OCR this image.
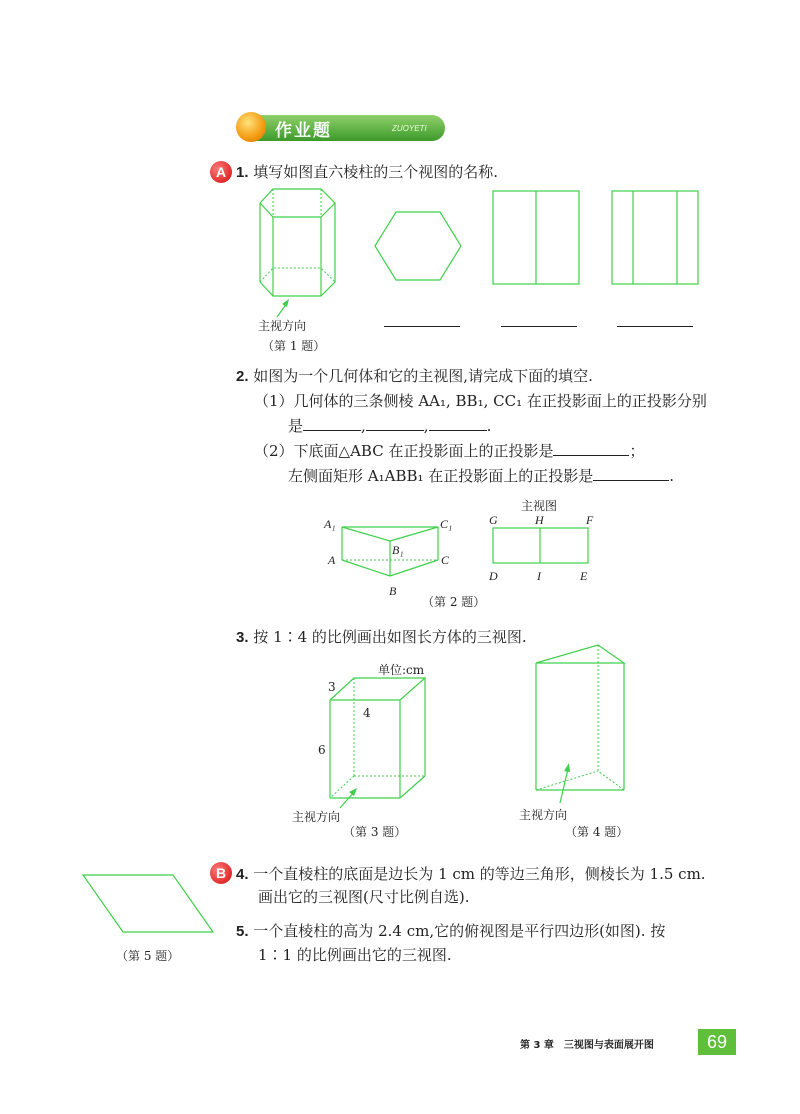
作业题	ZUOYETI
A 1. 填写如图直六棱柱的三个视图的名称.
主视方向
（第 1 题）
2. 如图为一个几何体和它的主视图,请完成下面的填空.
（1）几何体的三条侧棱 AA₁, BB₁, CC₁ 在正投影面上的正投影分别
是	,	,	.
（2）下底面△ABC 在正投影面上的正投影是	；
左侧面矩形 A₁ABB₁ 在正投影面上的正投影是	.
A₁	C₁
B₁
A	C
B
主视图
G	H	F
D	I	E
（第 2 题）
3. 按 1∶4 的比例画出如图长方体的三视图.
单位:cm
3
4
6
主视方向
（第 3 题）
主视方向
（第 4 题）
B 4. 一个直棱柱的底面是边长为 1 cm 的等边三角形，侧棱长为 1.5 cm.
画出它的三视图(尺寸比例自选).
5. 一个直棱柱的高为 2.4 cm,它的俯视图是平行四边形(如图). 按
1∶1 的比例画出它的三视图.
（第 5 题）
第 3 章　三视图与表面展开图	69
